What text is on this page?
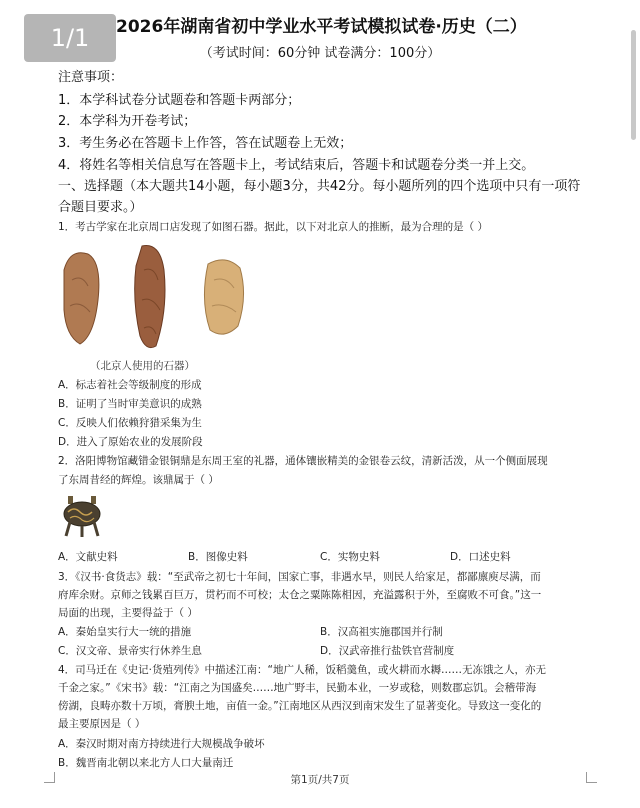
1/1	2026年湖南省初中学业水平考试模拟试卷·历史（二）
（考试时间：60分钟 试卷满分：100分）
注意事项：
1．本学科试卷分试题卷和答题卡两部分；
2．本学科为开卷考试；
3．考生务必在答题卡上作答，答在试题卷上无效；
4．将姓名等相关信息写在答题卡上，考试结束后，答题卡和试题卷分类一并上交。
一、选择题（本大题共14小题，每小题3分，共42分。每小题所列的四个选项中只有一项符
合题目要求。）
1．考古学家在北京周口店发现了如图石器。据此，以下对北京人的推断，最为合理的是（ ）
（北京人使用的石器）
A．标志着社会等级制度的形成
B．证明了当时审美意识的成熟
C．反映人们依赖狩猎采集为生
D．进入了原始农业的发展阶段
2．洛阳博物馆藏错金银铜鼎是东周王室的礼器，通体镶嵌精美的金银卷云纹，清新活泼，从一个侧面展现
了东周昔经的辉煌。该鼎属于（ ）
A．文献史料	B．图像史料	C．实物史料	D．口述史料
3．《汉书·食货志》载：“至武帝之初七十年间，国家亡事，非遇水旱，则民人给家足，都鄙廪庾尽满，而
府库余财。京师之钱累百巨万，贯朽而不可校；太仓之粟陈陈相因，充溢露积于外，至腐败不可食。”这一
局面的出现，主要得益于（ ）
A．秦始皇实行大一统的措施	B．汉高祖实施郡国并行制
C．汉文帝、景帝实行休养生息	D．汉武帝推行盐铁官营制度
4．司马迁在《史记·货殖列传》中描述江南：“地广人稀，饭稻羹鱼，或火耕而水耨……无冻饿之人，亦无
千金之家。”《宋书》载：“江南之为国盛矣……地广野丰，民勤本业，一岁或稔，则数郡忘饥。会稽带海
傍湖，良畴亦数十万顷，膏腴土地，亩值一金。”江南地区从西汉到南宋发生了显著变化。导致这一变化的
最主要原因是（ ）
A．秦汉时期对南方持续进行大规模战争破坏
B．魏晋南北朝以来北方人口大量南迁
第1页/共7页
